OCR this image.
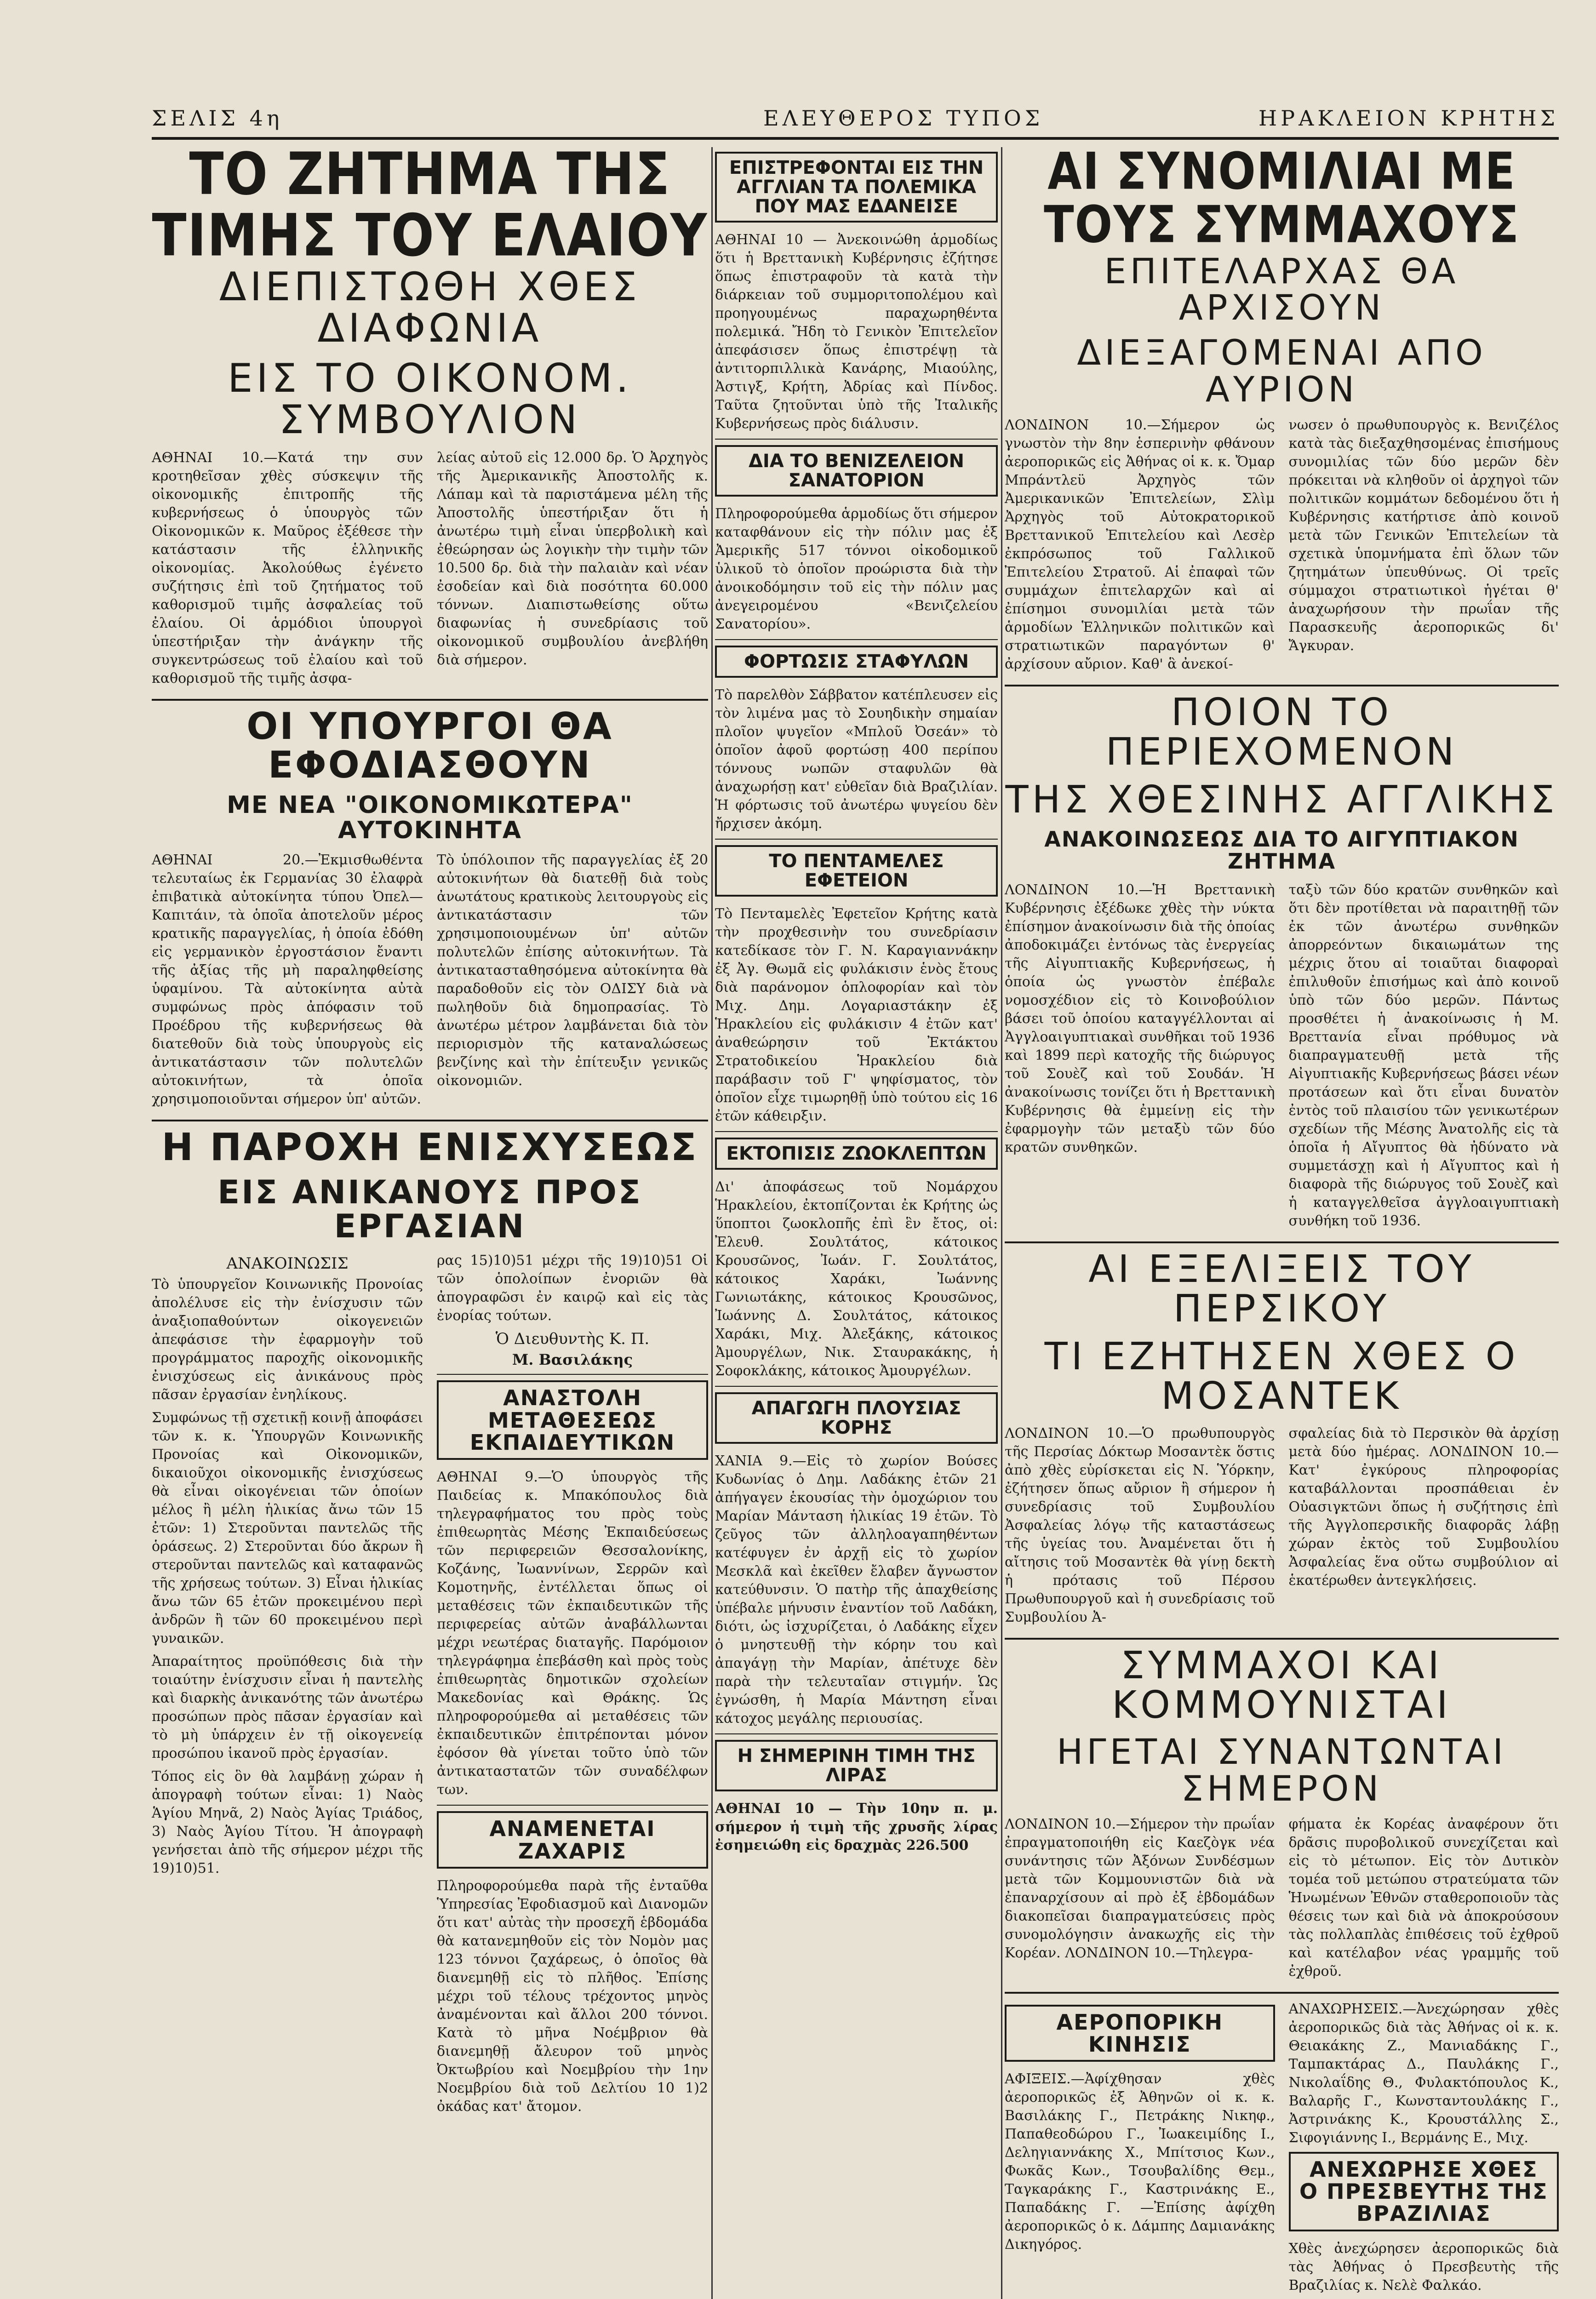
ΣΕΛΙΣ 4η	ΕΛΕΥΘΕΡΟΣ ΤΥΠΟΣ	ΗΡΑΚΛΕΙΟΝ ΚΡΗΤΗΣ
ΤΟ ΖΗΤΗΜΑ ΤΗΣ ΤΙΜΗΣ ΤΟΥ ΕΛΑΙΟΥ
ΔΙΕΠΙΣΤΩΘΗ ΧΘΕΣ ΔΙΑΦΩΝΙΑ
ΕΙΣ ΤΟ ΟΙΚΟΝΟΜ. ΣΥΜΒΟΥΛΙΟΝ
ΑΘΗΝΑΙ 10.—Κατά την συν κροτηθεῖσαν χθὲς σύσκεψιν τῆς οἰκονομικῆς ἐπιτροπῆς τῆς κυβερνήσεως ὁ ὑπουργὸς τῶν Οἰκονομικῶν κ. Μαῦρος ἐξέθεσε τὴν κατάστασιν τῆς ἑλληνικῆς οἰκονομίας. Ἀκολούθως ἐγένετο συζήτησις ἐπὶ τοῦ ζητήματος τοῦ καθορισμοῦ τιμῆς ἀσφαλείας τοῦ ἐλαίου. Οἱ ἁρμόδιοι ὑπουργοὶ ὑπεστήριξαν τὴν ἀνάγκην τῆς συγκεντρώσεως τοῦ ἐλαίου καὶ τοῦ καθορισμοῦ τῆς τιμῆς ἀσφα-
λείας αὐτοῦ εἰς 12.000 δρ. Ὁ Ἀρχηγὸς τῆς Ἀμερικανικῆς Ἀποστολῆς κ. Λάπαμ καὶ τὰ παριστάμενα μέλη τῆς Ἀποστολῆς ὑπεστήριξαν ὅτι ἡ ἀνωτέρω τιμὴ εἶναι ὑπερβολικὴ καὶ ἐθεώρησαν ὡς λογικὴν τὴν τιμὴν τῶν 10.500 δρ. διὰ τὴν παλαιὰν καὶ νέαν ἐσοδείαν καὶ διὰ ποσότητα 60.000 τόννων. Διαπιστωθείσης οὕτω διαφωνίας ἡ συνεδρίασις τοῦ οἰκονομικοῦ συμβουλίου ἀνεβλήθη διὰ σήμερον.
ΟΙ ΥΠΟΥΡΓΟΙ ΘΑ ΕΦΟΔΙΑΣΘΟΥΝ
ΜΕ ΝΕΑ "ΟΙΚΟΝΟΜΙΚΩΤΕΡΑ" ΑΥΤΟΚΙΝΗΤΑ
ΑΘΗΝΑΙ 20.—Ἐκμισθωθέντα τελευταίως ἐκ Γερμανίας 30 ἐλαφρὰ ἐπιβατικὰ αὐτοκίνητα τύπου Ὀπελ—Καπιτάιν, τὰ ὁποῖα ἀποτελοῦν μέρος κρατικῆς παραγγελίας, ἡ ὁποία ἐδόθη εἰς γερμανικὸν ἐργοστάσιον ἔναντι τῆς ἀξίας τῆς μὴ παραληφθείσης ὑφαμίνου. Τὰ αὐτοκίνητα αὐτὰ συμφώνως πρὸς ἀπόφασιν τοῦ Προέδρου τῆς κυβερνήσεως θὰ διατεθοῦν διὰ τοὺς ὑπουργοὺς εἰς ἀντικατάστασιν τῶν πολυτελῶν αὐτοκινήτων, τὰ ὁποῖα χρησιμοποιοῦνται σήμερον ὑπ' αὐτῶν.
Τὸ ὑπόλοιπον τῆς παραγγελίας ἐξ 20 αὐτοκινήτων θὰ διατεθῇ διὰ τοὺς ἀνωτάτους κρατικοὺς λειτουργοὺς εἰς ἀντικατάστασιν τῶν χρησιμοποιουμένων ὑπ' αὐτῶν πολυτελῶν ἐπίσης αὐτοκινήτων. Τὰ ἀντικατασταθησόμενα αὐτοκίνητα θὰ παραδοθοῦν εἰς τὸν ΟΔΙΣΥ διὰ νὰ πωληθοῦν διὰ δημοπρασίας. Τὸ ἀνωτέρω μέτρον λαμβάνεται διὰ τὸν περιορισμὸν τῆς καταναλώσεως βενζίνης καὶ τὴν ἐπίτευξιν γενικῶς οἰκονομιῶν.
Η ΠΑΡΟΧΗ ΕΝΙΣΧΥΣΕΩΣ
ΕΙΣ ΑΝΙΚΑΝΟΥΣ ΠΡΟΣ ΕΡΓΑΣΙΑΝ
ΑΝΑΚΟΙΝΩΣΙΣ
Τὸ ὑπουργεῖον Κοινωνικῆς Προνοίας ἀπολέλυσε εἰς τὴν ἐνίσχυσιν τῶν ἀναξιοπαθούντων οἰκογενειῶν ἀπεφάσισε τὴν ἐφαρμογὴν τοῦ προγράμματος παροχῆς οἰκονομικῆς ἐνισχύσεως εἰς ἀνικάνους πρὸς πᾶσαν ἐργασίαν ἐνηλίκους.
Συμφώνως τῇ σχετικῇ κοινῇ ἀποφάσει τῶν κ. κ. Ὑπουργῶν Κοινωνικῆς Προνοίας καὶ Οἰκονομικῶν, δικαιοῦχοι οἰκονομικῆς ἐνισχύσεως θὰ εἶναι οἰκογένειαι τῶν ὁποίων μέλος ἢ μέλη ἡλικίας ἄνω τῶν 15 ἐτῶν: 1) Στεροῦνται παντελῶς τῆς ὁράσεως. 2) Στεροῦνται δύο ἄκρων ἢ στεροῦνται παντελῶς καὶ καταφανῶς τῆς χρήσεως τούτων. 3) Εἶναι ἡλικίας ἄνω τῶν 65 ἐτῶν προκειμένου περὶ ἀνδρῶν ἢ τῶν 60 προκειμένου περὶ γυναικῶν.
Ἀπαραίτητος προϋπόθεσις διὰ τὴν τοιαύτην ἐνίσχυσιν εἶναι ἡ παντελὴς καὶ διαρκὴς ἀνικανότης τῶν ἀνωτέρω προσώπων πρὸς πᾶσαν ἐργασίαν καὶ τὸ μὴ ὑπάρχειν ἐν τῇ οἰκογενείᾳ προσώπου ἱκανοῦ πρὸς ἐργασίαν.
Τόπος εἰς ὃν θὰ λαμβάνῃ χώραν ἡ ἀπογραφὴ τούτων εἶναι: 1) Ναὸς Ἁγίου Μηνᾶ, 2) Ναὸς Ἁγίας Τριάδος, 3) Ναὸς Ἁγίου Τίτου. Ἡ ἀπογραφὴ γενήσεται ἀπὸ τῆς σήμερον μέχρι τῆς 19)10)51.
ρας 15)10)51 μέχρι τῆς 19)10)51 Οἱ τῶν ὁπολοίπων ἐνοριῶν θὰ ἀπογραφῶσι ἐν καιρῷ καὶ εἰς τὰς ἐνορίας τούτων.
Ὁ Διευθυντὴς Κ. Π.
Μ. Βασιλάκης
ΑΝΑΣΤΟΛΗ ΜΕΤΑΘΕΣΕΩΣ ΕΚΠΑΙΔΕΥΤΙΚΩΝ
ΑΘΗΝΑΙ 9.—Ὁ ὑπουργὸς τῆς Παιδείας κ. Μπακόπουλος διὰ τηλεγραφήματος του πρὸς τοὺς ἐπιθεωρητὰς Μέσης Ἐκπαιδεύσεως τῶν περιφερειῶν Θεσσαλονίκης, Κοζάνης, Ἰωαννίνων, Σερρῶν καὶ Κομοτηνῆς, ἐντέλλεται ὅπως οἱ μεταθέσεις τῶν ἐκπαιδευτικῶν τῆς περιφερείας αὐτῶν ἀναβάλλωνται μέχρι νεωτέρας διαταγῆς. Παρόμοιον τηλεγράφημα ἐπεβάσθη καὶ πρὸς τοὺς ἐπιθεωρητὰς δημοτικῶν σχολείων Μακεδονίας καὶ Θράκης. Ὡς πληροφορούμεθα αἱ μεταθέσεις τῶν ἐκπαιδευτικῶν ἐπιτρέπονται μόνον ἐφόσον θὰ γίνεται τοῦτο ὑπὸ τῶν ἀντικαταστατῶν τῶν συναδέλφων των.
ΑΝΑΜΕΝΕΤΑΙ ΖΑΧΑΡΙΣ
Πληροφορούμεθα παρὰ τῆς ἐνταῦθα Ὑπηρεσίας Ἐφοδιασμοῦ καὶ Διανομῶν ὅτι κατ' αὐτὰς τὴν προσεχῆ ἑβδομάδα θὰ κατανεμηθοῦν εἰς τὸν Νομὸν μας 123 τόννοι ζαχάρεως, ὁ ὁποῖος θὰ διανεμηθῇ εἰς τὸ πλῆθος. Ἐπίσης μέχρι τοῦ τέλους τρέχοντος μηνὸς ἀναμένονται καὶ ἄλλοι 200 τόννοι. Κατὰ τὸ μῆνα Νοέμβριον θὰ διανεμηθῇ ἄλευρον τοῦ μηνὸς Ὀκτωβρίου καὶ Νοεμβρίου τὴν 1ην Νοεμβρίου διὰ τοῦ Δελτίου 10 1)2 ὀκάδας κατ' ἄτομον.
ΕΠΙΣΤΡΕΦΟΝΤΑΙ ΕΙΣ ΤΗΝ ΑΓΓΛΙΑΝ ΤΑ ΠΟΛΕΜΙΚΑ ΠΟΥ ΜΑΣ ΕΔΑΝΕΙΣΕ
ΑΘΗΝΑΙ 10 — Ἀνεκοινώθη ἁρμοδίως ὅτι ἡ Βρεττανικὴ Κυβέρνησις ἐζήτησε ὅπως ἐπιστραφοῦν τὰ κατὰ τὴν διάρκειαν τοῦ συμμοριτοπολέμου καὶ προηγουμένως παραχωρηθέντα πολεμικά. Ἤδη τὸ Γενικὸν Ἐπιτελεῖον ἀπεφάσισεν ὅπως ἐπιστρέψῃ τὰ ἀντιτορπιλλικὰ Κανάρης, Μιαούλης, Ἀστιγξ, Κρήτη, Ἀδρίας καὶ Πίνδος. Ταῦτα ζητοῦνται ὑπὸ τῆς Ἰταλικῆς Κυβερνήσεως πρὸς διάλυσιν.
ΔΙΑ ΤΟ ΒΕΝΙΖΕΛΕΙΟΝ ΣΑΝΑΤΟΡΙΟΝ
Πληροφορούμεθα ἁρμοδίως ὅτι σήμερον καταφθάνουν εἰς τὴν πόλιν μας ἐξ Ἀμερικῆς 517 τόννοι οἰκοδομικοῦ ὑλικοῦ τὸ ὁποῖον προώριστα διὰ τὴν ἀνοικοδόμησιν τοῦ εἰς τὴν πόλιν μας ἀνεγειρομένου «Βενιζελείου Σανατορίου».
ΦΟΡΤΩΣΙΣ ΣΤΑΦΥΛΩΝ
Τὸ παρελθὸν Σάββατον κατέπλευσεν εἰς τὸν λιμένα μας τὸ Σουηδικὴν σημαίαν πλοῖον ψυγεῖον «Μπλοῦ Ὀσεάν» τὸ ὁποῖον ἀφοῦ φορτώσῃ 400 περίπου τόννους νωπῶν σταφυλῶν θὰ ἀναχωρήσῃ κατ' εὐθεῖαν διὰ Βραζιλίαν. Ἡ φόρτωσις τοῦ ἀνωτέρω ψυγείου δὲν ἤρχισεν ἀκόμη.
ΤΟ ΠΕΝΤΑΜΕΛΕΣ ΕΦΕΤΕΙΟΝ
Τὸ Πενταμελὲς Ἐφετεῖον Κρήτης κατὰ τὴν προχθεσινὴν του συνεδρίασιν κατεδίκασε τὸν Γ. Ν. Καραγιαννάκην ἐξ Ἀγ. Θωμᾶ εἰς φυλάκισιν ἑνὸς ἔτους διὰ παράνομον ὁπλοφορίαν καὶ τὸν Μιχ. Δημ. Λογαριαστάκην ἐξ Ἡρακλείου εἰς φυλάκισιν 4 ἐτῶν κατ' ἀναθεώρησιν τοῦ Ἐκτάκτου Στρατοδικείου Ἡρακλείου διὰ παράβασιν τοῦ Γ' ψηφίσματος, τὸν ὁποῖον εἶχε τιμωρηθῇ ὑπὸ τούτου εἰς 16 ἐτῶν κάθειρξιν.
ΕΚΤΟΠΙΣΙΣ ΖΩΟΚΛΕΠΤΩΝ
Δι' ἀποφάσεως τοῦ Νομάρχου Ἡρακλείου, ἐκτοπίζονται ἐκ Κρήτης ὡς ὕποπτοι ζωοκλοπῆς ἐπὶ ἓν ἔτος, οἱ: Ἐλευθ. Σουλτάτος, κάτοικος Κρουσῶνος, Ἰωάν. Γ. Σουλτάτος, κάτοικος Χαράκι, Ἰωάννης Γωνιωτάκης, κάτοικος Κρουσῶνος, Ἰωάννης Δ. Σουλτάτος, κάτοικος Χαράκι, Μιχ. Ἀλεξάκης, κάτοικος Ἀμουργέλων, Νικ. Σταυρακάκης, ἡ Σοφοκλάκης, κάτοικος Ἀμουργέλων.
ΑΠΑΓΩΓΗ ΠΛΟΥΣΙΑΣ ΚΟΡΗΣ
ΧΑΝΙΑ 9.—Εἰς τὸ χωρίον Βούσες Κυδωνίας ὁ Δημ. Λαδάκης ἐτῶν 21 ἀπήγαγεν ἑκουσίας τὴν ὁμοχώριον του Μαρίαν Μάνταση ἡλικίας 19 ἐτῶν. Τὸ ζεῦγος τῶν ἀλληλοαγαπηθέντων κατέφυγεν ἐν ἀρχῇ εἰς τὸ χωρίον Μεσκλᾶ καὶ ἐκεῖθεν ἔλαβεν ἄγνωστον κατεύθυνσιν. Ὁ πατὴρ τῆς ἀπαχθείσης ὑπέβαλε μήνυσιν ἐναντίον τοῦ Λαδάκη, διότι, ὡς ἰσχυρίζεται, ὁ Λαδάκης εἶχεν ὁ μνηστευθῇ τὴν κόρην του καὶ ἀπαγάγῃ τὴν Μαρίαν, ἀπέτυχε δὲν παρὰ τὴν τελευταῖαν στιγμήν. Ὡς ἐγνώσθη, ἡ Μαρία Μάντηση εἶναι κάτοχος μεγάλης περιουσίας.
Η ΣΗΜΕΡΙΝΗ ΤΙΜΗ ΤΗΣ ΛΙΡΑΣ
ΑΘΗΝΑΙ 10 — Τὴν 10ην π. μ. σήμερον ἡ τιμὴ τῆς χρυσῆς λίρας ἐσημειώθη εἰς δραχμὰς 226.500
ΑΙ ΣΥΝΟΜΙΛΙΑΙ ΜΕ ΤΟΥΣ ΣΥΜΜΑΧΟΥΣ
ΕΠΙΤΕΛΑΡΧΑΣ ΘΑ ΑΡΧΙΣΟΥΝ
ΔΙΕΞΑΓΟΜΕΝΑΙ ΑΠΟ ΑΥΡΙΟΝ
ΛΟΝΔΙΝΟΝ 10.—Σήμερον ὡς γνωστὸν τὴν 8ην ἑσπερινὴν φθάνουν ἀεροπορικῶς εἰς Ἀθήνας οἱ κ. κ. Ὄμαρ Μπράντλεϋ Ἀρχηγὸς τῶν Ἀμερικανικῶν Ἐπιτελείων, Σλὶμ Ἀρχηγὸς τοῦ Αὐτοκρατορικοῦ Βρεττανικοῦ Ἐπιτελείου καὶ Λεσὲρ ἐκπρόσωπος τοῦ Γαλλικοῦ Ἐπιτελείου Στρατοῦ. Αἱ ἐπαφαὶ τῶν συμμάχων ἐπιτελαρχῶν καὶ αἱ ἐπίσημοι συνομιλίαι μετὰ τῶν ἁρμοδίων Ἑλληνικῶν πολιτικῶν καὶ στρατιωτικῶν παραγόντων θ' ἀρχίσουν αὔριον. Καθ' ἃ ἀνεκοί-
νωσεν ὁ πρωθυπουργὸς κ. Βενιζέλος κατὰ τὰς διεξαχθησομένας ἐπισήμους συνομιλίας τῶν δύο μερῶν δὲν πρόκειται νὰ κληθοῦν οἱ ἀρχηγοὶ τῶν πολιτικῶν κομμάτων δεδομένου ὅτι ἡ Κυβέρνησις κατήρτισε ἀπὸ κοινοῦ μετὰ τῶν Γενικῶν Ἐπιτελείων τὰ σχετικὰ ὑπομνήματα ἐπὶ ὅλων τῶν ζητημάτων ὑπευθύνως. Οἱ τρεῖς σύμμαχοι στρατιωτικοὶ ἡγέται θ' ἀναχωρήσουν τὴν πρωΐαν τῆς Παρασκευῆς ἀεροπορικῶς δι' Ἄγκυραν.
ΠΟΙΟΝ ΤΟ ΠΕΡΙΕΧΟΜΕΝΟΝ
ΤΗΣ ΧΘΕΣΙΝΗΣ ΑΓΓΛΙΚΗΣ
ΑΝΑΚΟΙΝΩΣΕΩΣ ΔΙΑ ΤΟ ΑΙΓΥΠΤΙΑΚΟΝ ΖΗΤΗΜΑ
ΛΟΝΔΙΝΟΝ 10.—Ἡ Βρεττανικὴ Κυβέρνησις ἐξέδωκε χθὲς τὴν νύκτα ἐπίσημον ἀνακοίνωσιν διὰ τῆς ὁποίας ἀποδοκιμάζει ἐντόνως τὰς ἐνεργείας τῆς Αἰγυπτιακῆς Κυβερνήσεως, ἡ ὁποία ὡς γνωστὸν ἐπέβαλε νομοσχέδιον εἰς τὸ Κοινοβούλιον βάσει τοῦ ὁποίου καταγγέλλονται αἱ Ἀγγλοαιγυπτιακαὶ συνθῆκαι τοῦ 1936 καὶ 1899 περὶ κατοχῆς τῆς διώρυγος τοῦ Σουὲζ καὶ τοῦ Σουδάν. Ἡ ἀνακοίνωσις τονίζει ὅτι ἡ Βρεττανικὴ Κυβέρνησις θὰ ἐμμείνῃ εἰς τὴν ἐφαρμογὴν τῶν μεταξὺ τῶν δύο κρατῶν συνθηκῶν.
ταξὺ τῶν δύο κρατῶν συνθηκῶν καὶ ὅτι δὲν προτίθεται νὰ παραιτηθῇ τῶν ἐκ τῶν ἀνωτέρω συνθηκῶν ἀπορρεόντων δικαιωμάτων της μέχρις ὅτου αἱ τοιαῦται διαφοραὶ ἐπιλυθοῦν ἐπισήμως καὶ ἀπὸ κοινοῦ ὑπὸ τῶν δύο μερῶν. Πάντως προσθέτει ἡ ἀνακοίνωσις ἡ Μ. Βρεττανία εἶναι πρόθυμος νὰ διαπραγματευθῇ μετὰ τῆς Αἰγυπτιακῆς Κυβερνήσεως βάσει νέων προτάσεων καὶ ὅτι εἶναι δυνατὸν ἐντὸς τοῦ πλαισίου τῶν γενικωτέρων σχεδίων τῆς Μέσης Ἀνατολῆς εἰς τὰ ὁποῖα ἡ Αἴγυπτος θὰ ἠδύνατο νὰ συμμετάσχῃ καὶ ἡ Αἴγυπτος καὶ ἡ διαφορὰ τῆς διώρυγος τοῦ Σουὲζ καὶ ἡ καταγγελθεῖσα ἀγγλοαιγυπτιακὴ συνθήκη τοῦ 1936.
ΑΙ ΕΞΕΛΙΞΕΙΣ ΤΟΥ ΠΕΡΣΙΚΟΥ
ΤΙ ΕΖΗΤΗΣΕΝ ΧΘΕΣ Ο ΜΟΣΑΝΤΕΚ
ΛΟΝΔΙΝΟΝ 10.—Ὁ πρωθυπουργὸς τῆς Περσίας Δόκτωρ Μοσαντὲκ ὅστις ἀπὸ χθὲς εὑρίσκεται εἰς Ν. Ὑόρκην, ἐζήτησεν ὅπως αὔριον ἢ σήμερον ἡ συνεδρίασις τοῦ Συμβουλίου Ἀσφαλείας λόγῳ τῆς καταστάσεως τῆς ὑγείας του. Ἀναμένεται ὅτι ἡ αἴτησις τοῦ Μοσαντὲκ θὰ γίνῃ δεκτὴ ἡ πρότασις τοῦ Πέρσου Πρωθυπουργοῦ καὶ ἡ συνεδρίασις τοῦ Συμβουλίου Ἀ-
σφαλείας διὰ τὸ Περσικὸν θὰ ἀρχίσῃ μετὰ δύο ἡμέρας. ΛΟΝΔΙΝΟΝ 10.—Κατ' ἐγκύρους πληροφορίας καταβάλλονται προσπάθειαι ἐν Οὐασιγκτῶνι ὅπως ἡ συζήτησις ἐπὶ τῆς Ἀγγλοπερσικῆς διαφορᾶς λάβῃ χώραν ἐκτὸς τοῦ Συμβουλίου Ἀσφαλείας ἕνα οὕτω συμβούλιον αἰ ἑκατέρωθεν ἀντεγκλήσεις.
ΣΥΜΜΑΧΟΙ ΚΑΙ ΚΟΜΜΟΥΝΙΣΤΑΙ
ΗΓΕΤΑΙ ΣΥΝΑΝΤΩΝΤΑΙ ΣΗΜΕΡΟΝ
ΛΟΝΔΙΝΟΝ 10.—Σήμερον τὴν πρωΐαν ἐπραγματοποιήθη εἰς Καεζὸγκ νέα συνάντησις τῶν Ἀξόνων Συνδέσμων μετὰ τῶν Κομμουνιστῶν διὰ νὰ ἐπαναρχίσουν αἱ πρὸ ἐξ ἑβδομάδων διακοπεῖσαι διαπραγματεύσεις πρὸς συνομολόγησιν ἀνακωχῆς εἰς τὴν Κορέαν. ΛΟΝΔΙΝΟΝ 10.—Τηλεγρα-
φήματα ἐκ Κορέας ἀναφέρουν ὅτι δρᾶσις πυροβολικοῦ συνεχίζεται καὶ εἰς τὸ μέτωπον. Εἰς τὸν Δυτικὸν τομέα τοῦ μετώπου στρατεύματα τῶν Ἡνωμένων Ἐθνῶν σταθεροποιοῦν τὰς θέσεις των καὶ διὰ νὰ ἀποκρούσουν τὰς πολλαπλὰς ἐπιθέσεις τοῦ ἐχθροῦ καὶ κατέλαβον νέας γραμμῆς τοῦ ἐχθροῦ.
ΑΕΡΟΠΟΡΙΚΗ ΚΙΝΗΣΙΣ
ΑΦΙΞΕΙΣ.—Ἀφίχθησαν χθὲς ἀεροπορικῶς ἐξ Ἀθηνῶν οἱ κ. κ. Βασιλάκης Γ., Πετράκης Νικηφ., Παπαθεοδώρου Γ., Ἰωακειμίδης Ι., Δεληγιαννάκης Χ., Μπίτσιος Κων., Φωκᾶς Κων., Τσουβαλίδης Θεμ., Ταγκαράκης Γ., Καστρινάκης Ε., Παπαδάκης Γ. —Ἐπίσης ἀφίχθη ἀεροπορικῶς ὁ κ. Δάμπης Δαμιανάκης Δικηγόρος.
ΑΝΑΧΩΡΗΣΕΙΣ.—Ἀνεχώρησαν χθὲς ἀεροπορικῶς διὰ τὰς Ἀθήνας οἱ κ. κ. Θειακάκης Ζ., Μανιαδάκης Γ., Ταμπακτάρας Δ., Παυλάκης Γ., Νικολαΐδης Θ., Φυλακτόπουλος Κ., Βαλαρῆς Γ., Κωνσταντουλάκης Γ., Ἀστρινάκης Κ., Κρουστάλλης Σ., Σιφογιάννης Ι., Βερμάνης Ε., Μιχ.
ΑΝΕΧΩΡΗΣΕ ΧΘΕΣ Ο ΠΡΕΣΒΕΥΤΗΣ ΤΗΣ ΒΡΑΖΙΛΙΑΣ
Χθὲς ἀνεχώρησεν ἀεροπορικῶς διὰ τὰς Ἀθήνας ὁ Πρεσβευτὴς τῆς Βραζιλίας κ. Νελὲ Φαλκάο.
